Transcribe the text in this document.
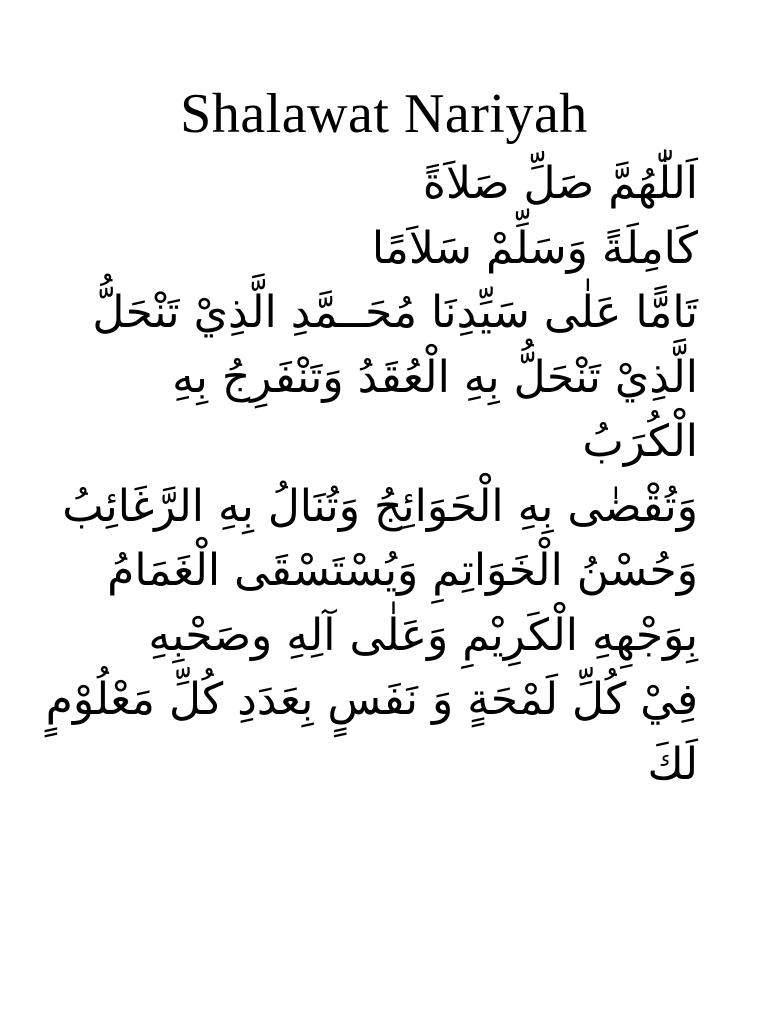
Shalawat Nariyah
اَللّٰهُمَّ صَلِّ صَلاَةً
كَامِلَةً وَسَلِّمْ سَلاَمًا
تَامًّا عَلٰى سَيِّدِنَا مُحَــمَّدِ الَّذِيْ تَنْحَلُّ
الَّذِيْ تَنْحَلُّ بِهِ الْعُقَدُ وَتَنْفَرِجُ بِهِ
الْكُرَبُ
وَتُقْضٰى بِهِ الْحَوَائِجُ وَتُنَالُ بِهِ الرَّغَائِبُ
وَحُسْنُ الْخَوَاتِمِ وَيُسْتَسْقَى الْغَمَامُ
بِوَجْهِهِ الْكَرِيْمِ وَعَلٰى آلِهِ وصَحْبِهِ
فِيْ كُلِّ لَمْحَةٍ وَ نَفَسٍ بِعَدَدِ كُلِّ مَعْلُوْمٍ
لَكَ
